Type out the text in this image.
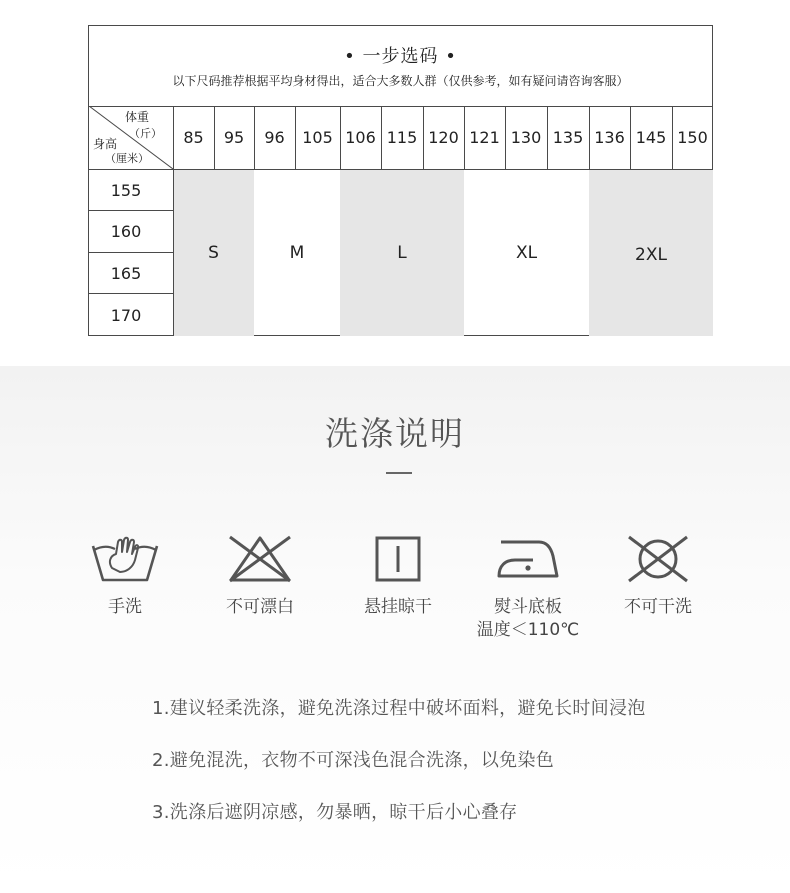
• 一步选码 •
以下尺码推荐根据平均身材得出，适合大多数人群（仅供参考，如有疑问请咨询客服）
体重
（斤）
身高
（厘米）
85	95	96	105 106 115 120 121 130 135 136 145 150
155
160
165
170
S	M	L	XL	2XL
洗涤说明
手洗	不可漂白	悬挂晾干	熨斗底板
温度＜110℃
不可干洗
1.建议轻柔洗涤，避免洗涤过程中破坏面料，避免长时间浸泡
2.避免混洗，衣物不可深浅色混合洗涤，以免染色
3.洗涤后遮阴凉感，勿暴晒，晾干后小心叠存
